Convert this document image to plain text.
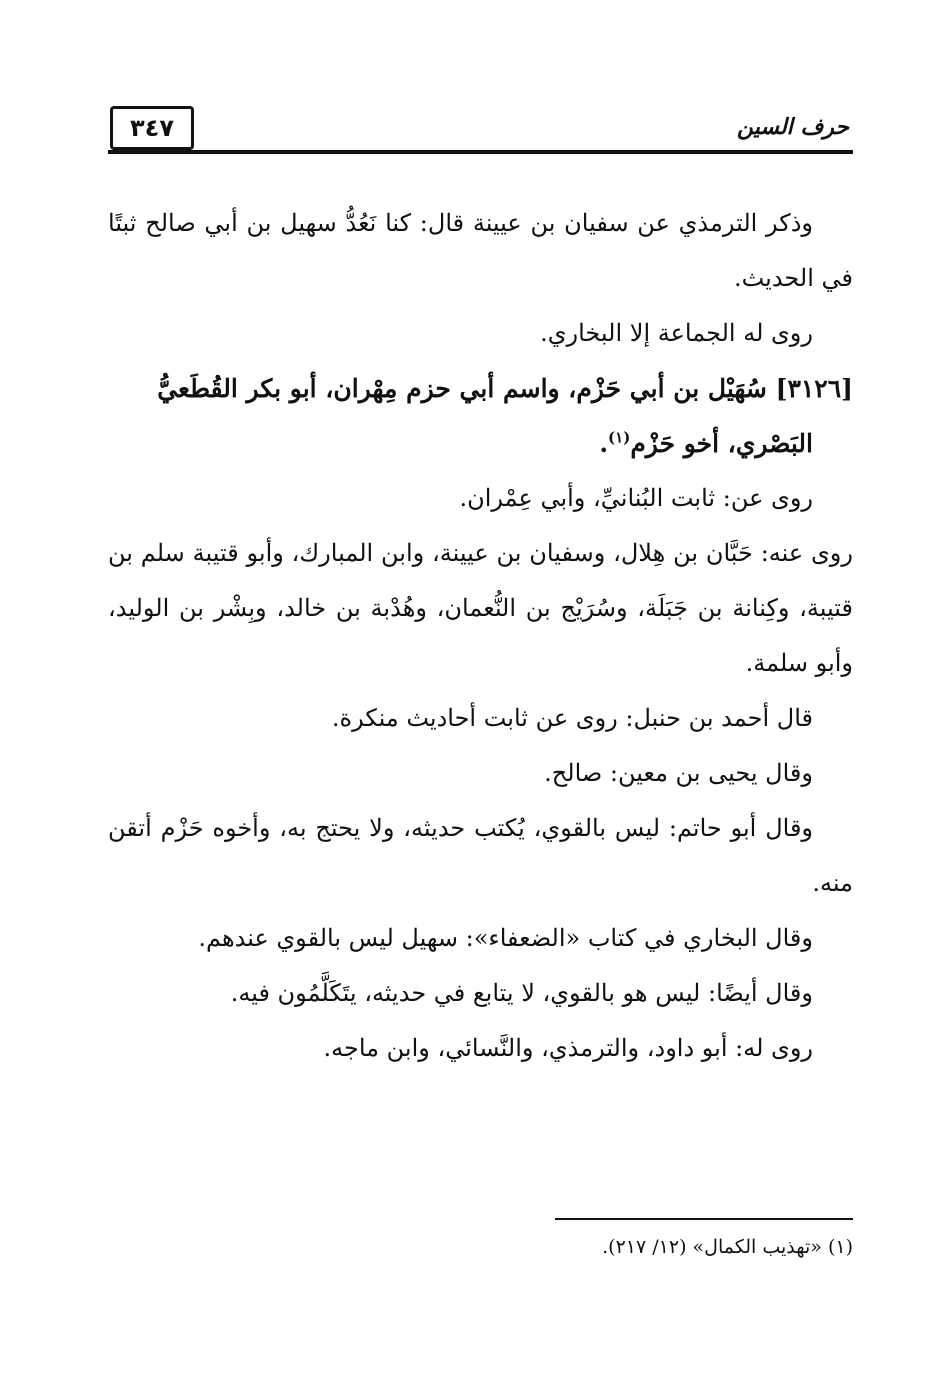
٣٤٧	حرف السين

وذكر الترمذي عن سفيان بن عيينة قال: كنا نَعُدُّ سهيل بن أبي صالح ثبتًا في الحديث.

روى له الجماعة إلا البخاري.

[٣١٢٦] سُهَيْل بن أبي حَزْم، واسم أبي حزم مِهْران، أبو بكر القُطَعيُّ
البَصْري، أخو حَزْم$^{(١)}$.

روى عن: ثابت البُنانيِّ، وأبي عِمْران.

روى عنه: حَبَّان بن هِلال، وسفيان بن عيينة، وابن المبارك، وأبو قتيبة سلم بن قتيبة، وكِنانة بن جَبَلَة، وسُرَيْج بن النُّعمان، وهُدْبة بن خالد، وبِشْر بن الوليد، وأبو سلمة.

قال أحمد بن حنبل: روى عن ثابت أحاديث منكرة.

وقال يحيى بن معين: صالح.

وقال أبو حاتم: ليس بالقوي، يُكتب حديثه، ولا يحتج به، وأخوه حَزْم أتقن منه.

وقال البخاري في كتاب «الضعفاء»: سهيل ليس بالقوي عندهم.

وقال أيضًا: ليس هو بالقوي، لا يتابع في حديثه، يتَكَلَّمُون فيه.

روى له: أبو داود، والترمذي، والنَّسائي، وابن ماجه.

(١) «تهذيب الكمال» (١٢/ ٢١٧).
